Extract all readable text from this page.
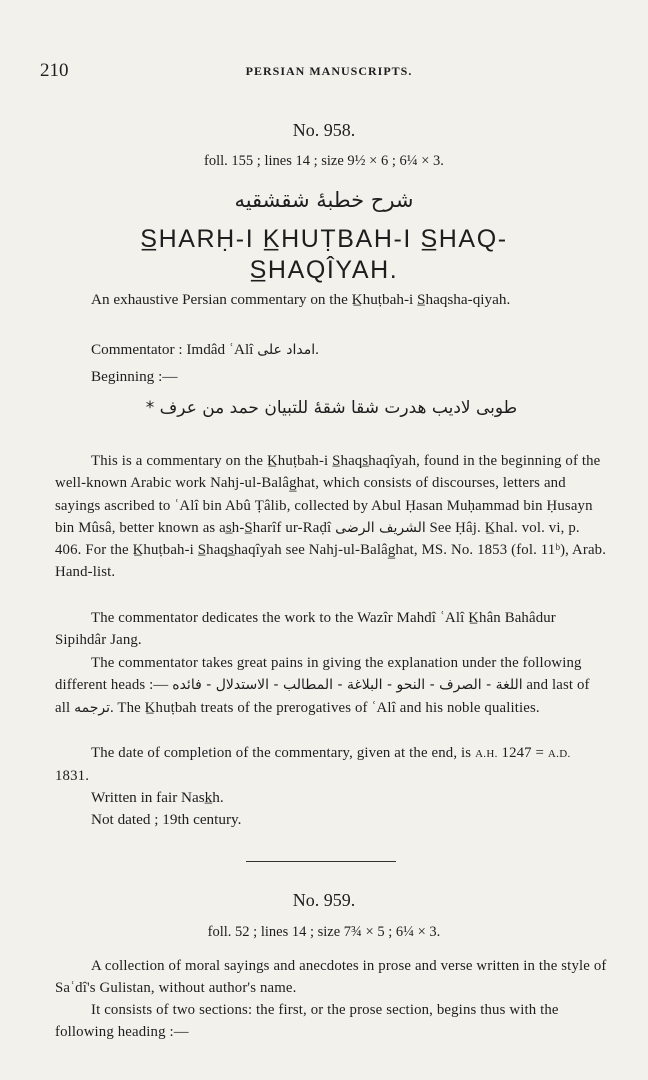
210	PERSIAN MANUSCRIPTS.
No. 958.
foll. 155 ; lines 14 ; size 9½ × 6 ; 6¼ × 3.
شرح خطبهٔ شقشقیه
S̲HARḤ-I K̲HUṬBAH-I S̲HAQ-
S̲HAQÎYAH.
An exhaustive Persian commentary on the K̲huṭbah-i S̲haqsha-qiyah.
Commentator : Imdâd ʿAlî امداد علی.
Beginning :—
طوبی لادیب هدرت شقا شقهٔ للتبیان حمد من عرف *
This is a commentary on the K̲huṭbah-i S̲haqs̲haqîyah, found in the beginning of the well-known Arabic work Nahj-ul-Balâg̲hat, which consists of discourses, letters and sayings ascribed to ʿAlî bin Abû Ṭâlib, collected by Abul Ḥasan Muḥammad bin Ḥusayn bin Mûsâ, better known as as̲h-S̲harîf ur-Raḍî الشریف الرضی See Ḥâj. K̲hal. vol. vi, p. 406. For the K̲huṭbah-i S̲haqs̲haqîyah see Nahj-ul-Balâg̲hat, MS. No. 1853 (fol. 11ᵇ), Arab. Hand-list.
The commentator dedicates the work to the Wazîr Mahdî ʿAlî K̲hân Bahâdur Sipihdâr Jang.
The commentator takes great pains in giving the explanation under the following different heads :— اللغة - الصرف - النحو - البلاغة - المطالب - الاستدلال - فائده and last of all ترجمه. The K̲huṭbah treats of the prerogatives of ʿAlî and his noble qualities.
The date of completion of the commentary, given at the end, is A.H. 1247 = A.D. 1831.
Written in fair Nask̲h.
Not dated ; 19th century.
No. 959.
foll. 52 ; lines 14 ; size 7¾ × 5 ; 6¼ × 3.
A collection of moral sayings and anecdotes in prose and verse written in the style of Saʿdî's Gulistan, without author's name.
It consists of two sections: the first, or the prose section, begins thus with the following heading :—
